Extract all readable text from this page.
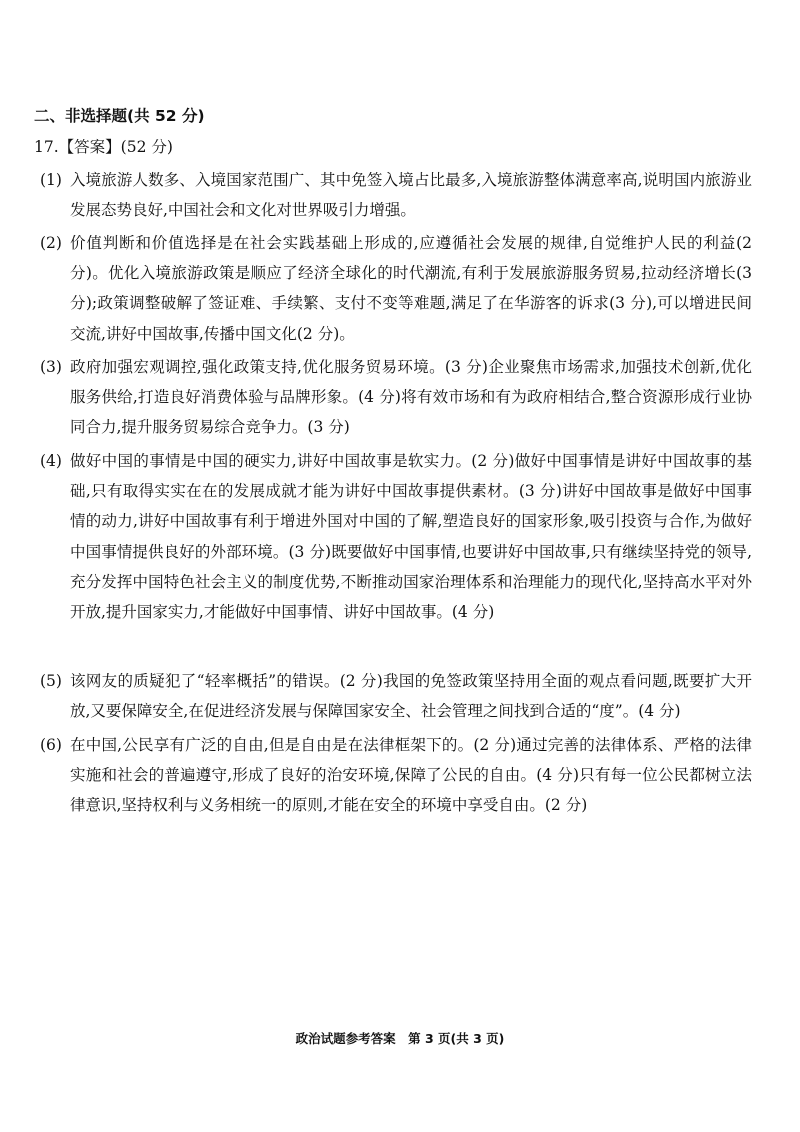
二、非选择题(共 52 分)
17.【答案】(52 分)
(1) 入境旅游人数多、入境国家范围广、其中免签入境占比最多,入境旅游整体满意率高,说明国内旅游业发展态势良好,中国社会和文化对世界吸引力增强。
(2) 价值判断和价值选择是在社会实践基础上形成的,应遵循社会发展的规律,自觉维护人民的利益(2 分)。优化入境旅游政策是顺应了经济全球化的时代潮流,有利于发展旅游服务贸易,拉动经济增长(3 分);政策调整破解了签证难、手续繁、支付不变等难题,满足了在华游客的诉求(3 分),可以增进民间交流,讲好中国故事,传播中国文化(2 分)。
(3) 政府加强宏观调控,强化政策支持,优化服务贸易环境。(3 分)企业聚焦市场需求,加强技术创新,优化服务供给,打造良好消费体验与品牌形象。(4 分)将有效市场和有为政府相结合,整合资源形成行业协同合力,提升服务贸易综合竞争力。(3 分)
(4) 做好中国的事情是中国的硬实力,讲好中国故事是软实力。(2 分)做好中国事情是讲好中国故事的基础,只有取得实实在在的发展成就才能为讲好中国故事提供素材。(3 分)讲好中国故事是做好中国事情的动力,讲好中国故事有利于增进外国对中国的了解,塑造良好的国家形象,吸引投资与合作,为做好中国事情提供良好的外部环境。(3 分)既要做好中国事情,也要讲好中国故事,只有继续坚持党的领导,充分发挥中国特色社会主义的制度优势,不断推动国家治理体系和治理能力的现代化,坚持高水平对外开放,提升国家实力,才能做好中国事情、讲好中国故事。(4 分)
(5) 该网友的质疑犯了“轻率概括”的错误。(2 分)我国的免签政策坚持用全面的观点看问题,既要扩大开放,又要保障安全,在促进经济发展与保障国家安全、社会管理之间找到合适的“度”。(4 分)
(6) 在中国,公民享有广泛的自由,但是自由是在法律框架下的。(2 分)通过完善的法律体系、严格的法律实施和社会的普遍遵守,形成了良好的治安环境,保障了公民的自由。(4 分)只有每一位公民都树立法律意识,坚持权利与义务相统一的原则,才能在安全的环境中享受自由。(2 分)
政治试题参考答案　第 3 页(共 3 页)
